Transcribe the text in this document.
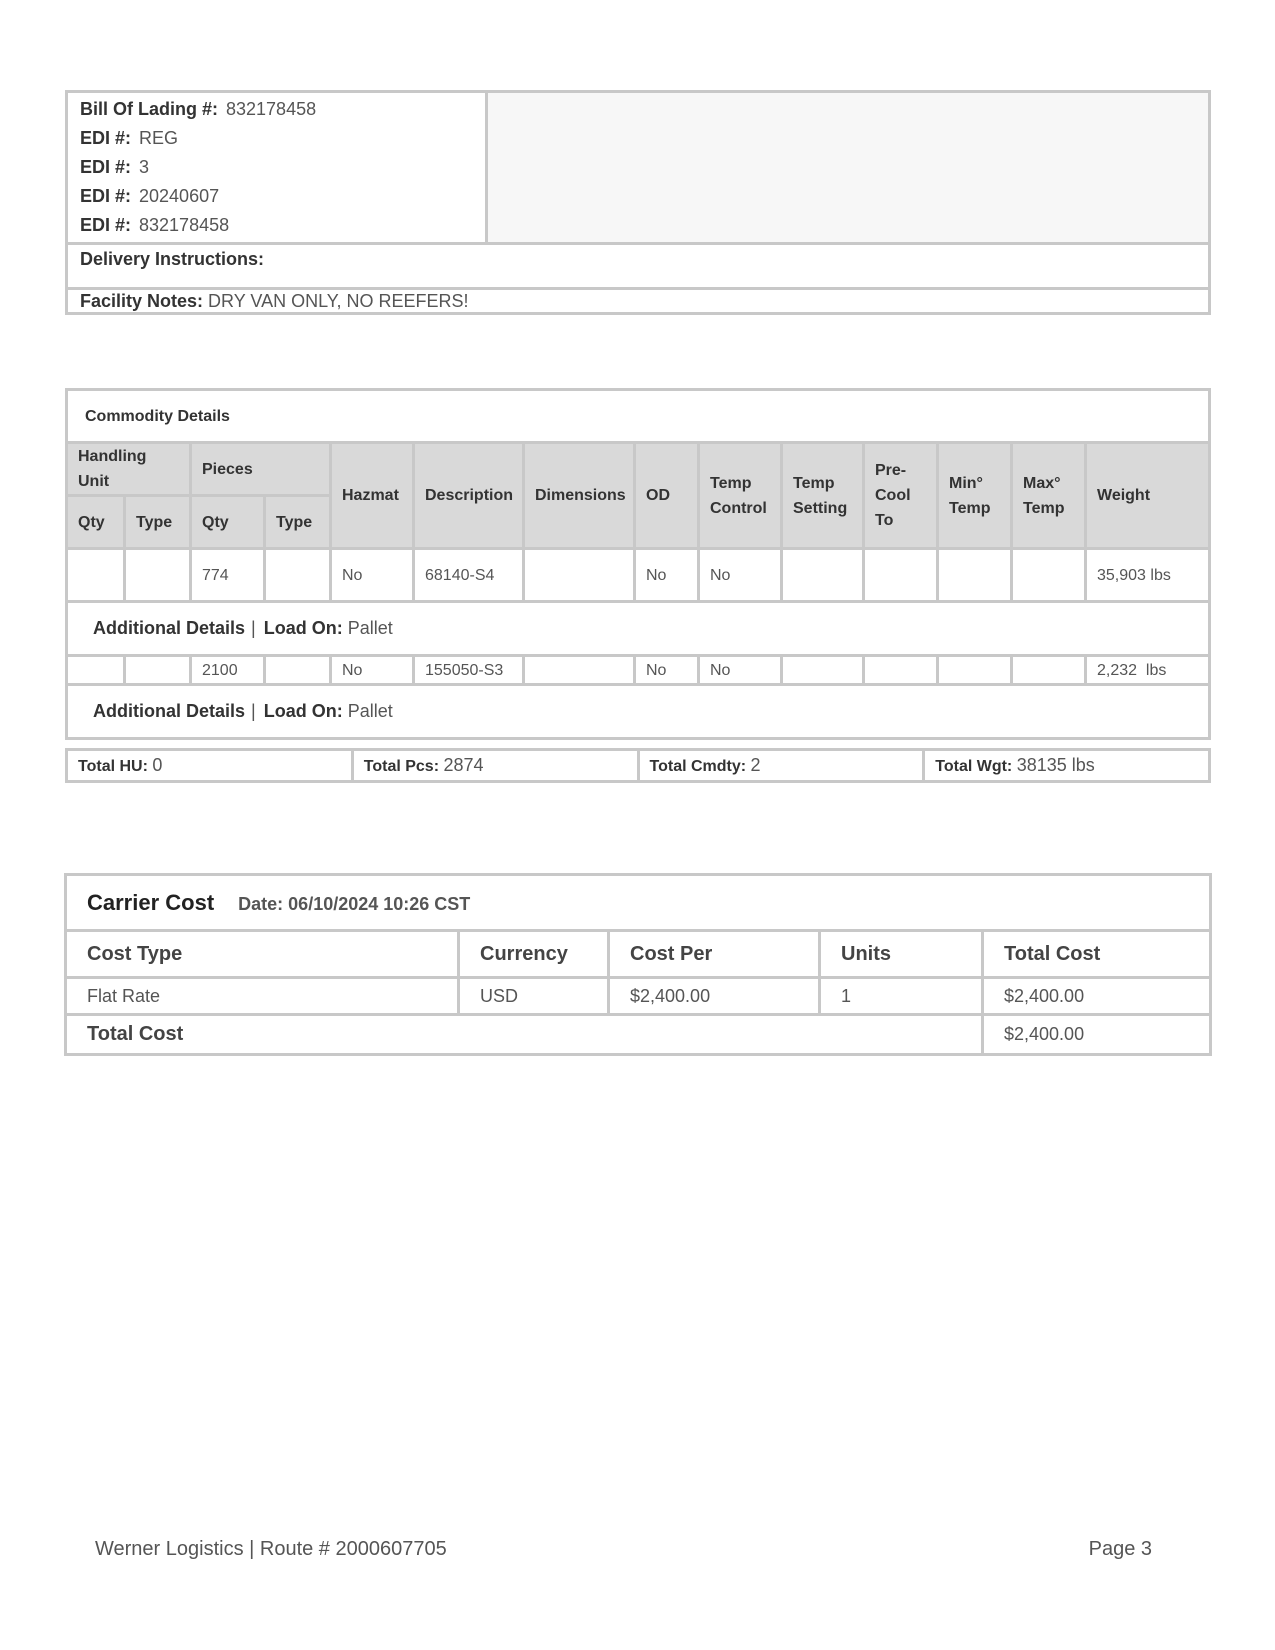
Bill Of Lading #: 832178458
EDI #: REG
EDI #: 3
EDI #: 20240607
EDI #: 832178458

Delivery Instructions:
Facility Notes: DRY VAN ONLY, NO REEFERS!
Commodity Details													
Handling Unit		Pieces		Hazmat	Description	Dimensions	OD	Temp Control	Temp Setting	Pre-Cool To	Min° Temp	Max° Temp	Weight
Qty	Type	Qty	Type										
		774		No	68140-S4		No	No					35,903 lbs
Additional Details | Load On: Pallet													
		2100		No	155050-S3		No	No					2,232  lbs
Additional Details | Load On: Pallet													
Total HU: 0	Total Pcs: 2874	Total Cmdty: 2	Total Wgt: 38135 lbs
Carrier Cost Date: 06/10/2024 10:26 CST				
Cost Type	Currency	Cost Per	Units	Total Cost
Flat Rate	USD	$2,400.00	1	$2,400.00
Total Cost				$2,400.00
Werner Logistics | Route # 2000607705	Page 3
